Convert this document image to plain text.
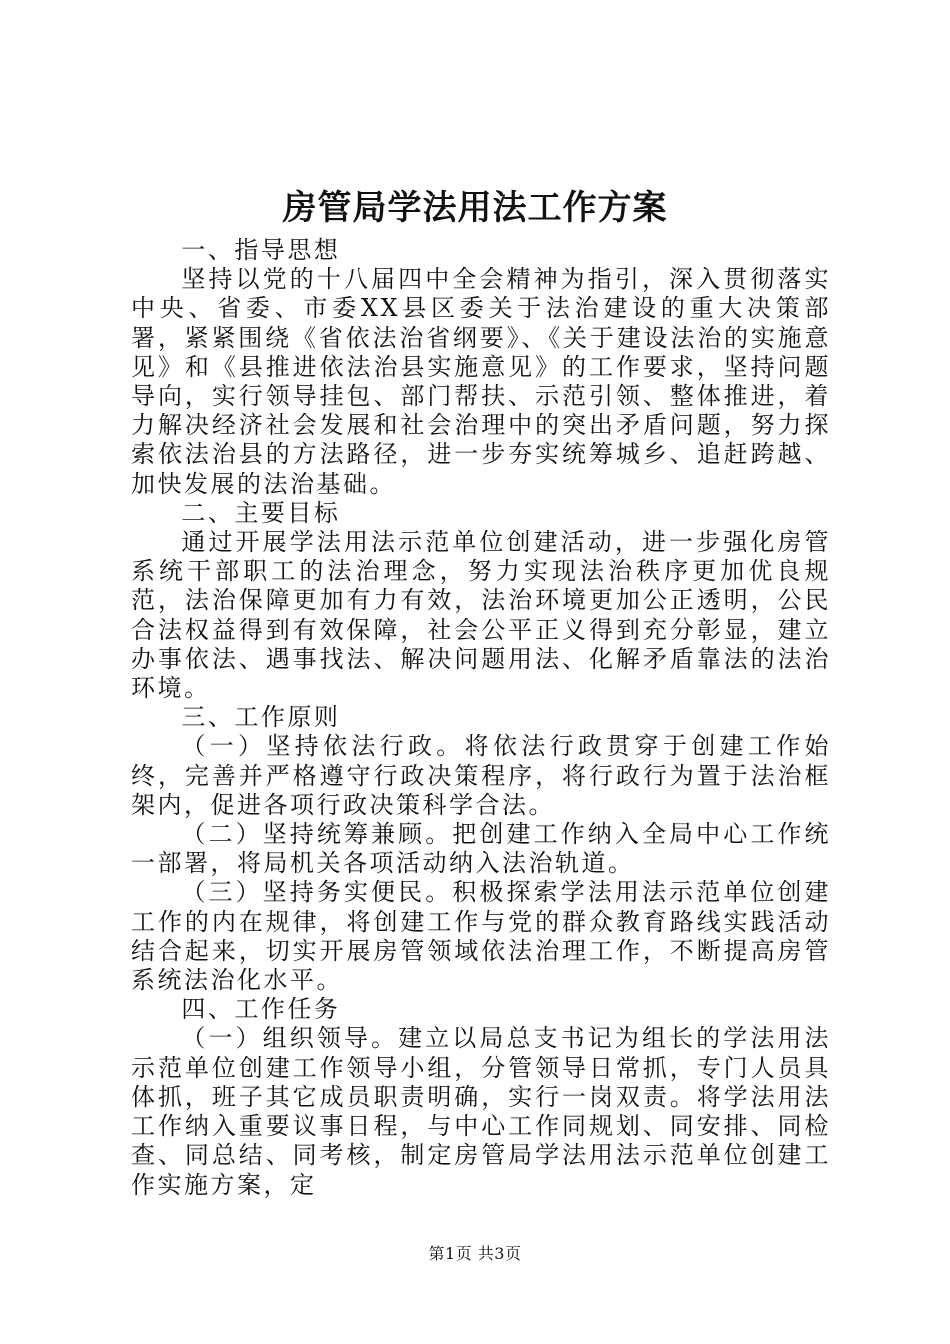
房管局学法用法工作方案

一、指导思想

坚持以党的十八届四中全会精神为指引，深入贯彻落实中央、省委、市委XX县区委关于法治建设的重大决策部署，紧紧围绕《省依法治省纲要》、《关于建设法治的实施意见》和《县推进依法治县实施意见》的工作要求，坚持问题导向，实行领导挂包、部门帮扶、示范引领、整体推进，着力解决经济社会发展和社会治理中的突出矛盾问题，努力探索依法治县的方法路径，进一步夯实统筹城乡、追赶跨越、加快发展的法治基础。

二、主要目标

通过开展学法用法示范单位创建活动，进一步强化房管系统干部职工的法治理念，努力实现法治秩序更加优良规范，法治保障更加有力有效，法治环境更加公正透明，公民合法权益得到有效保障，社会公平正义得到充分彰显，建立办事依法、遇事找法、解决问题用法、化解矛盾靠法的法治环境。

三、工作原则

（一）坚持依法行政。将依法行政贯穿于创建工作始终，完善并严格遵守行政决策程序，将行政行为置于法治框架内，促进各项行政决策科学合法。

（二）坚持统筹兼顾。把创建工作纳入全局中心工作统一部署，将局机关各项活动纳入法治轨道。

（三）坚持务实便民。积极探索学法用法示范单位创建工作的内在规律，将创建工作与党的群众教育路线实践活动结合起来，切实开展房管领域依法治理工作，不断提高房管系统法治化水平。

四、工作任务

（一）组织领导。建立以局总支书记为组长的学法用法示范单位创建工作领导小组，分管领导日常抓，专门人员具体抓，班子其它成员职责明确，实行一岗双责。将学法用法工作纳入重要议事日程，与中心工作同规划、同安排、同检查、同总结、同考核，制定房管局学法用法示范单位创建工作实施方案，定

第1页 共3页
